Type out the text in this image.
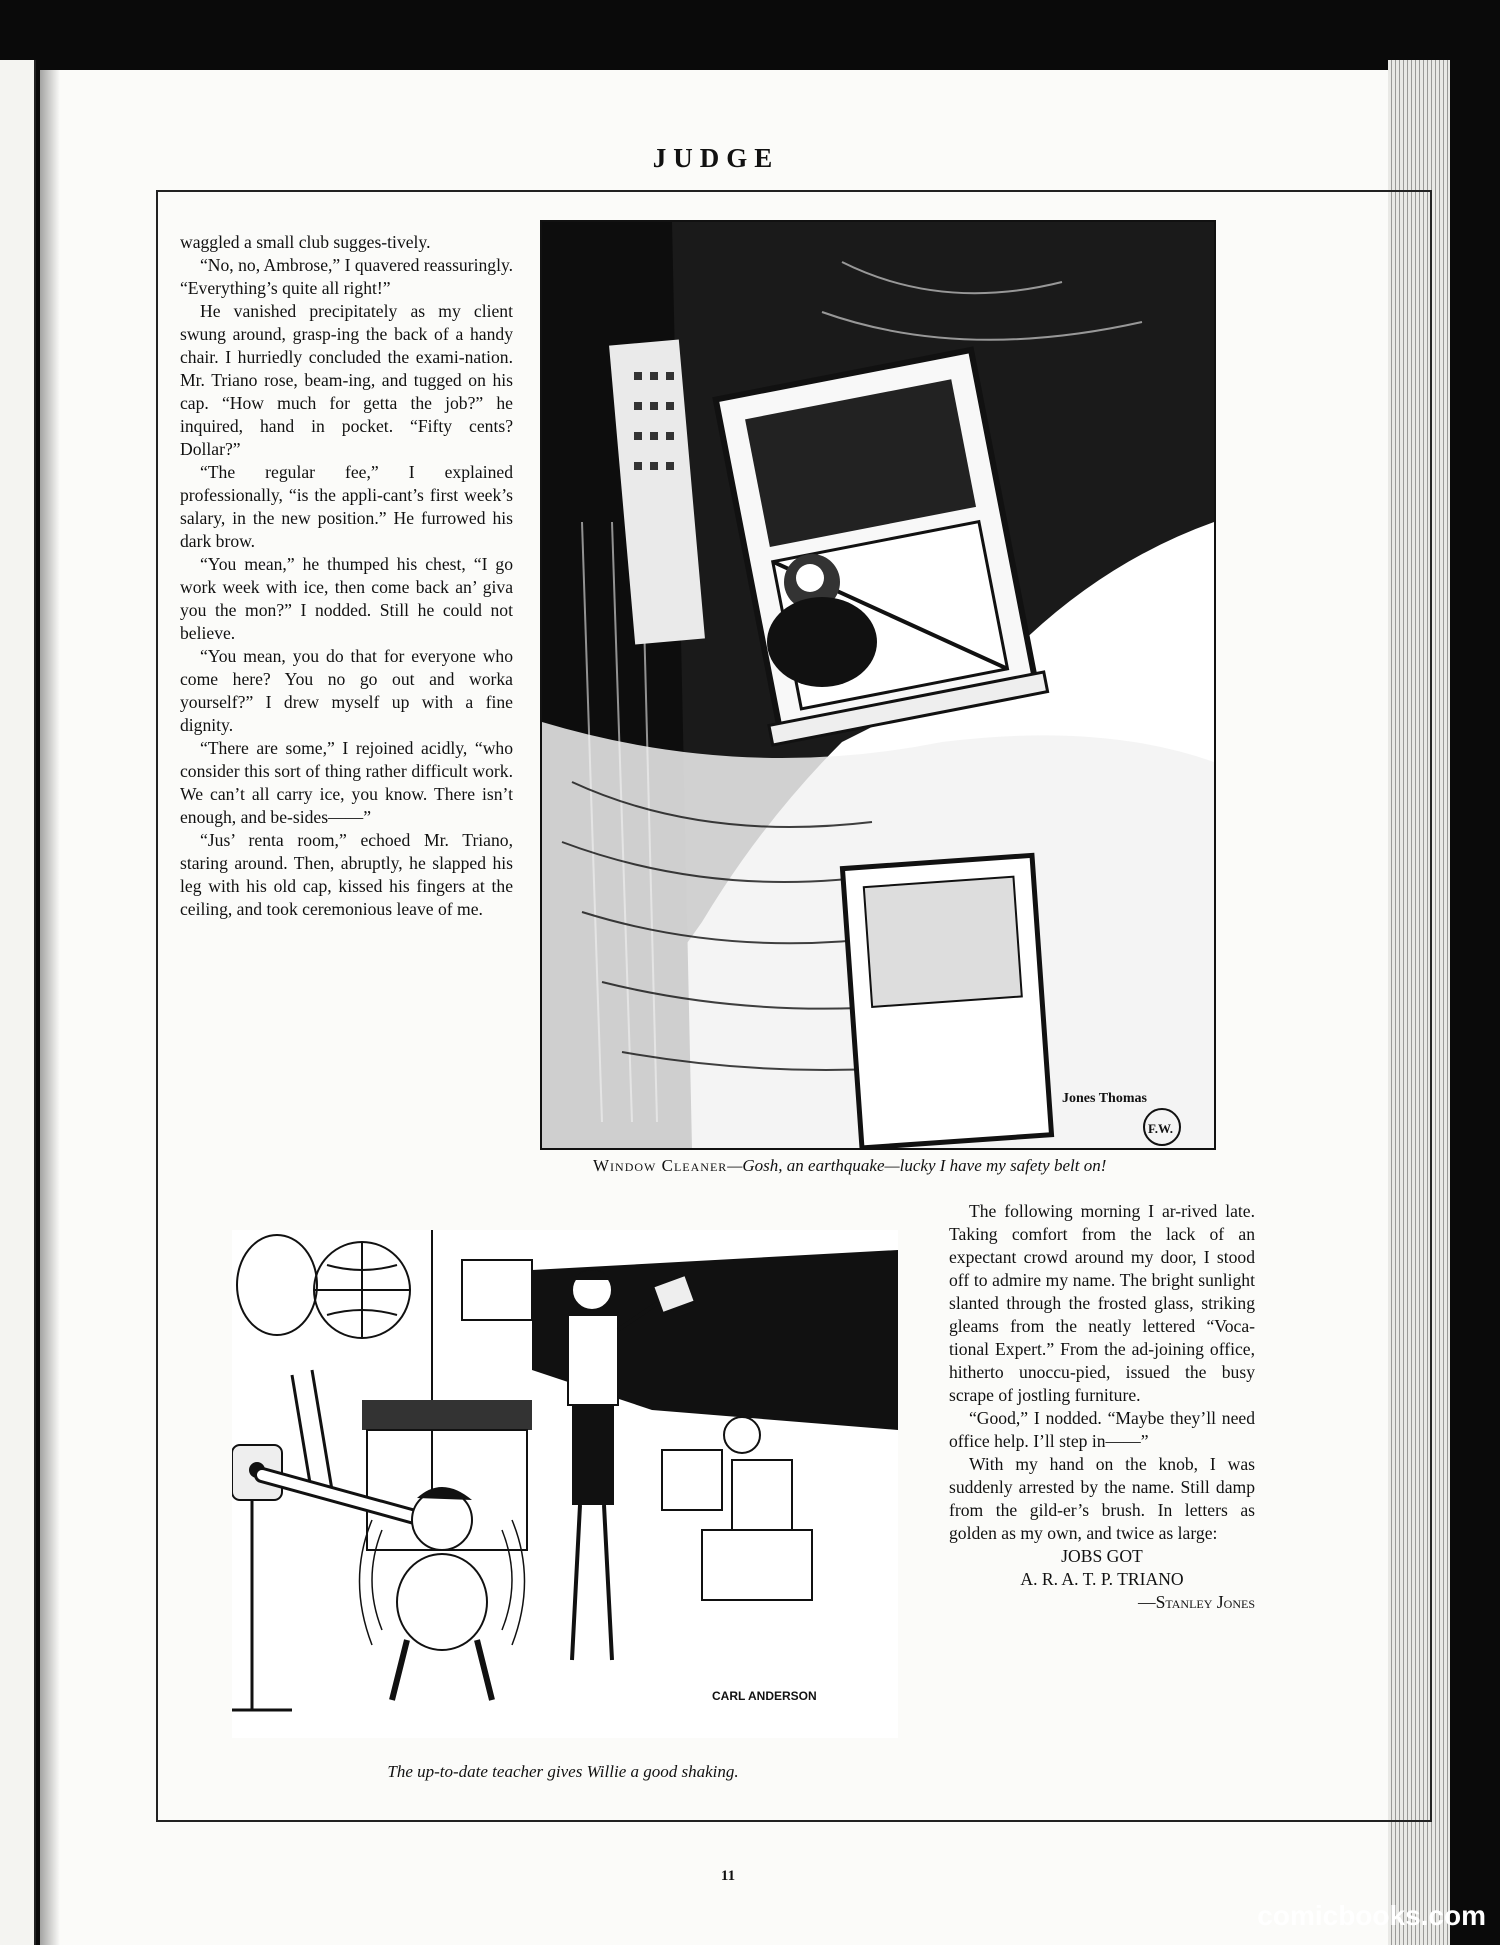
JUDGE

waggled a small club sugges-tively.

“No, no, Ambrose,” I quavered reassuringly. “Everything’s quite all right!”

He vanished precipitately as my client swung around, grasp-ing the back of a handy chair. I hurriedly concluded the exami-nation. Mr. Triano rose, beam-ing, and tugged on his cap. “How much for getta the job?” he inquired, hand in pocket. “Fifty cents? Dollar?”

“The regular fee,” I explained professionally, “is the appli-cant’s first week’s salary, in the new position.” He furrowed his dark brow.

“You mean,” he thumped his chest, “I go work week with ice, then come back an’ giva you the mon?” I nodded. Still he could not believe.

“You mean, you do that for everyone who come here? You no go out and worka yourself?” I drew myself up with a fine dignity.

“There are some,” I rejoined acidly, “who consider this sort of thing rather difficult work. We can’t all carry ice, you know. There isn’t enough, and be-sides——”

“Jus’ renta room,” echoed Mr. Triano, staring around. Then, abruptly, he slapped his leg with his old cap, kissed his fingers at the ceiling, and took ceremonious leave of me.

Jones Thomas
F.W.
Window Cleaner—Gosh, an earthquake—lucky I have my safety belt on!
CARL ANDERSON
The up-to-date teacher gives Willie a good shaking.

The following morning I ar-rived late. Taking comfort from the lack of an expectant crowd around my door, I stood off to admire my name. The bright sunlight slanted through the frosted glass, striking gleams from the neatly lettered “Voca-tional Expert.” From the ad-joining office, hitherto unoccu-pied, issued the busy scrape of jostling furniture.

“Good,” I nodded. “Maybe they’ll need office help. I’ll step in——”

With my hand on the knob, I was suddenly arrested by the name. Still damp from the gild-er’s brush. In letters as golden as my own, and twice as large:

JOBS GOT

A. R. A. T. P. TRIANO

—Stanley Jones

11
comicbooks.com
